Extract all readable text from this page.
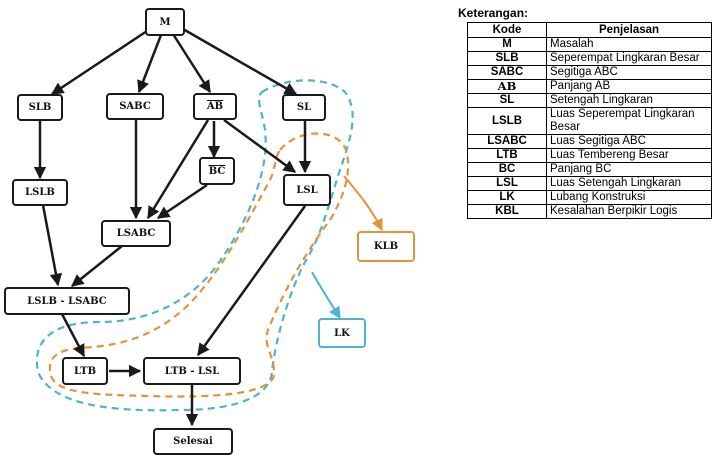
M
SLB	SABC	$\overline{AB}$	SL
$\overline{BC}$
LSLB	LSL
LSABC
KLB
LSLB - LSABC
LK
LTB	LTB - LSL
Selesai
Keterangan:
Kode	Penjelasan
M	Masalah
SLB	Seperempat Lingkaran Besar
SABC	Segitiga ABC
AB	Panjang $\overline{AB}$
SL	Setengah Lingkaran
LSLB	Luas Seperempat Lingkaran Besar
LSABC	Luas Segitiga ABC
LTB	Luas Tembereng Besar
BC	Panjang $\overline{BC}$
LSL	Luas Setengah Lingkaran
LK	Lubang Konstruksi
KBL	Kesalahan Berpikir Logis
